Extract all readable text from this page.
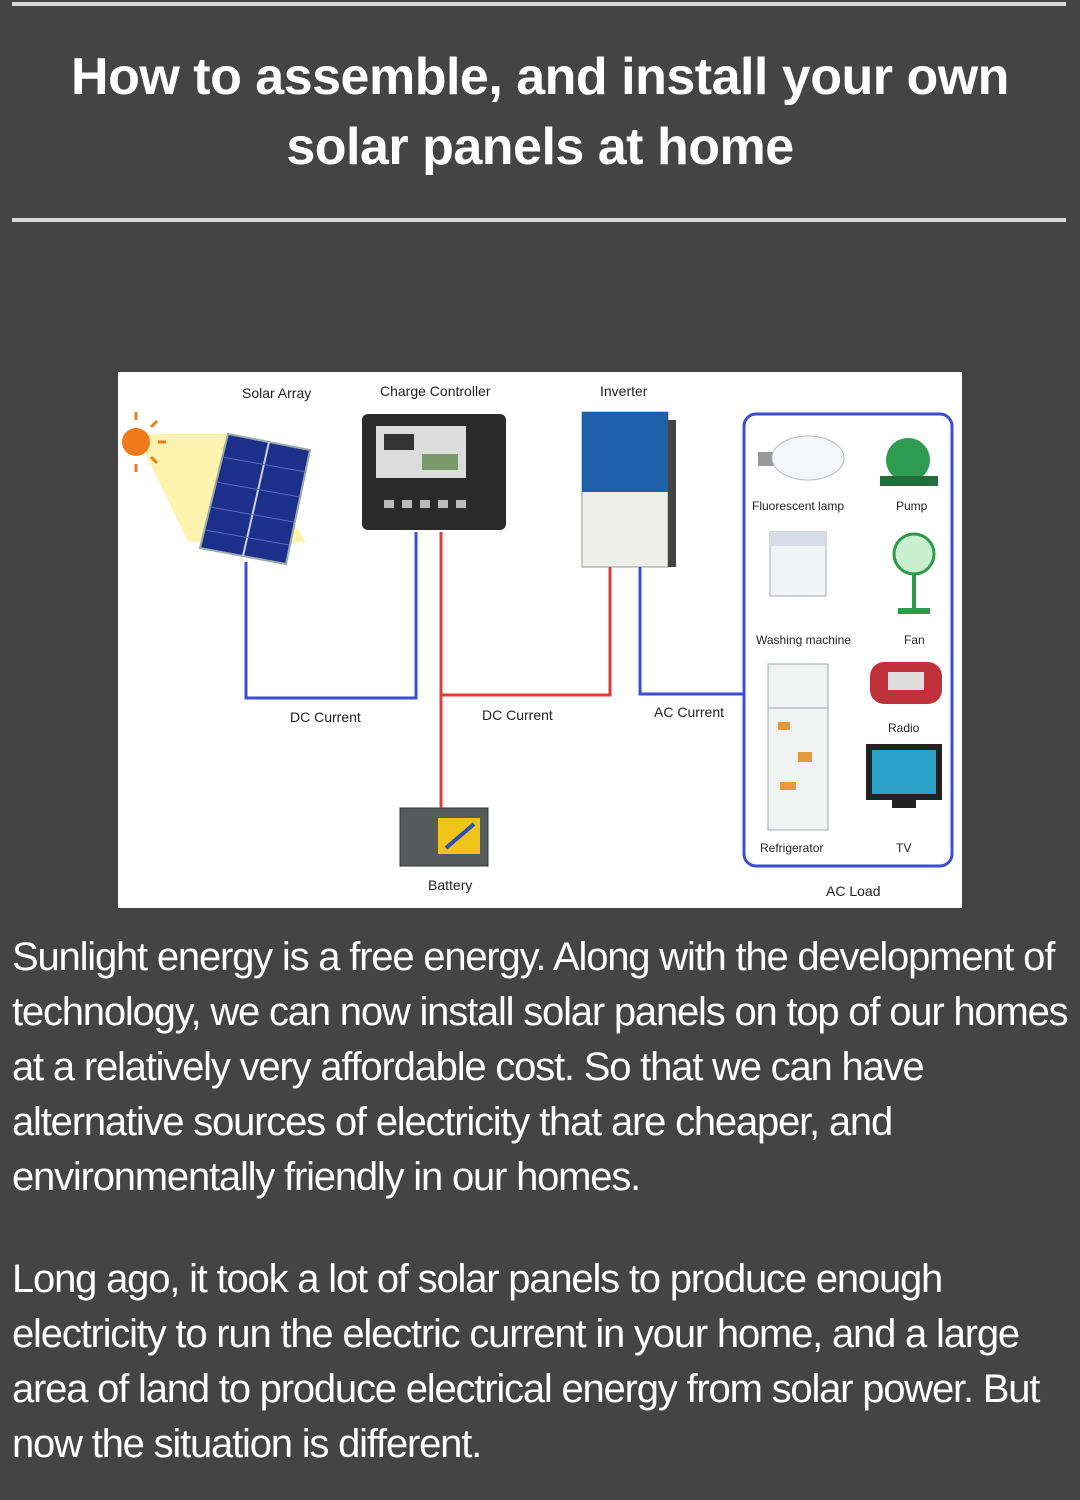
How to assemble, and install your own
solar panels at home
Solar Array	Charge Controller	Inverter
DC Current	DC Current	AC Current
Battery	AC Load
Fluorescent lamp	Pump
Washing machine	Fan
Radio
Refrigerator	TV

Sunlight energy is a free energy. Along with the development of technology, we can now install solar panels on top of our homes at a relatively very affordable cost. So that we can have alternative sources of electricity that are cheaper, and environmentally friendly in our homes.

Long ago, it took a lot of solar panels to produce enough electricity to run the electric current in your home, and a large area of land to produce electrical energy from solar power. But now the situation is different.
